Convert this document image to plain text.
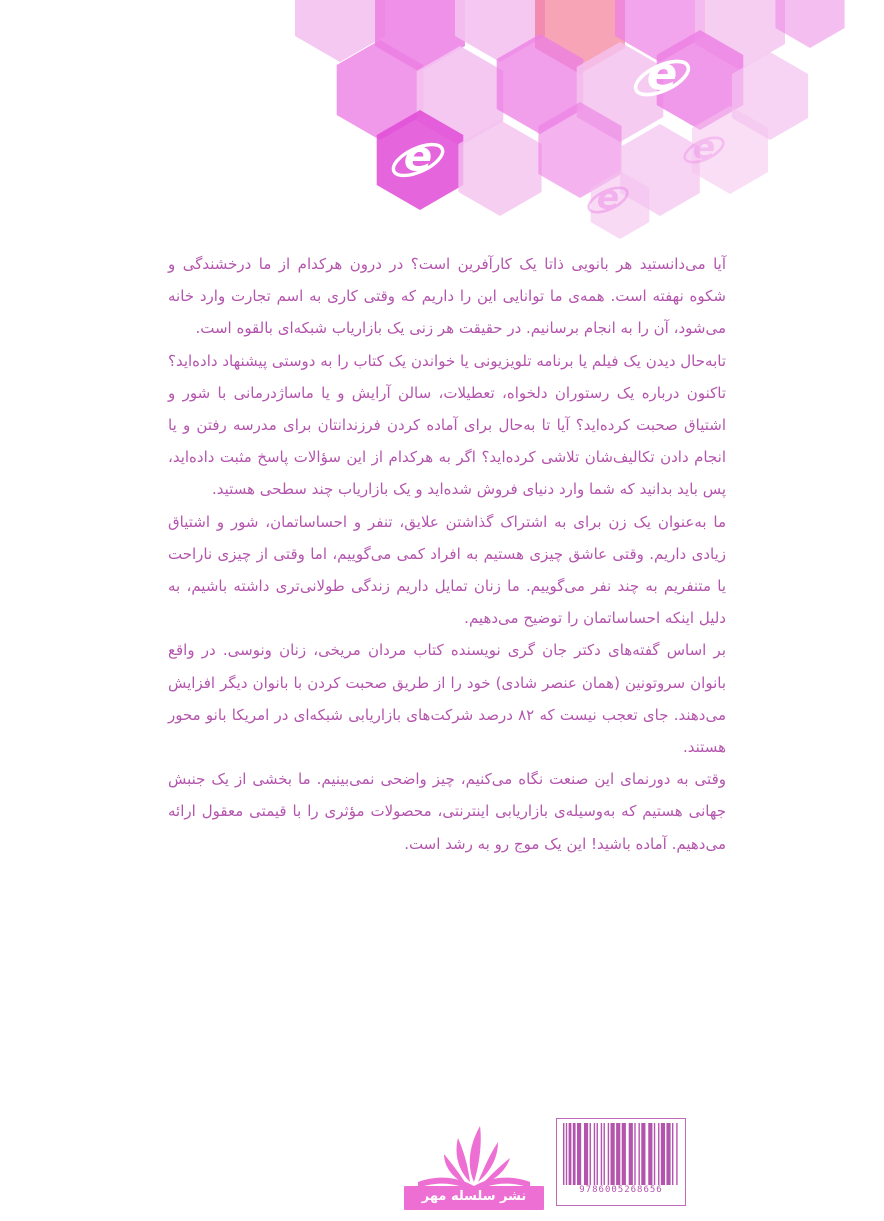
e
e
e
e

آیا می‌دانستید هر بانویی ذاتا یک کارآفرین است؟ در درون هرکدام از ما درخشندگی و شکوه نهفته است. همه‌ی ما توانایی این را داریم که وقتی کاری به اسم تجارت وارد خانه می‌شود، آن را به انجام برسانیم. در حقیقت هر زنی یک بازاریاب شبکه‌ای بالقوه است.

تابه‌حال دیدن یک فیلم یا برنامه تلویزیونی یا خواندن یک کتاب را به دوستی پیشنهاد داده‌اید؟ تاکنون درباره یک رستوران دلخواه، تعطیلات، سالن آرایش و یا ماساژدرمانی با شور و اشتیاق صحبت کرده‌اید؟ آیا تا به‌حال برای آماده کردن فرزندانتان برای مدرسه رفتن و یا انجام دادن تکالیف‌شان تلاشی کرده‌اید؟ اگر به هرکدام از این سؤالات پاسخ مثبت داده‌اید، پس باید بدانید که شما وارد دنیای فروش شده‌اید و یک بازاریاب چند سطحی هستید.

ما به‌عنوان یک زن برای به اشتراک گذاشتن علایق، تنفر و احساساتمان، شور و اشتیاق زیادی داریم. وقتی عاشق چیزی هستیم به افراد کمی می‌گوییم، اما وقتی از چیزی ناراحت یا متنفریم به چند نفر می‌گوییم. ما زنان تمایل داریم زندگی طولانی‌تری داشته باشیم، به دلیل اینکه احساساتمان را توضیح می‌دهیم.

بر اساس گفته‌های دکتر جان گری نویسنده کتاب مردان مریخی، زنان ونوسی. در واقع بانوان سروتونین (همان عنصر شادی) خود را از طریق صحبت کردن با بانوان دیگر افزایش می‌دهند. جای تعجب نیست که ۸۲ درصد شرکت‌های بازاریابی شبکه‌ای در امریکا بانو محور هستند.

وقتی به دورنمای این صنعت نگاه می‌کنیم، چیز واضحی نمی‌بینیم. ما بخشی از یک جنبش جهانی هستیم که به‌وسیله‌ی بازاریابی اینترنتی، محصولات مؤثری را با قیمتی معقول ارائه می‌دهیم. آماده باشید! این یک موج رو به رشد است.

نشر سلسله مهر	9786005268656
